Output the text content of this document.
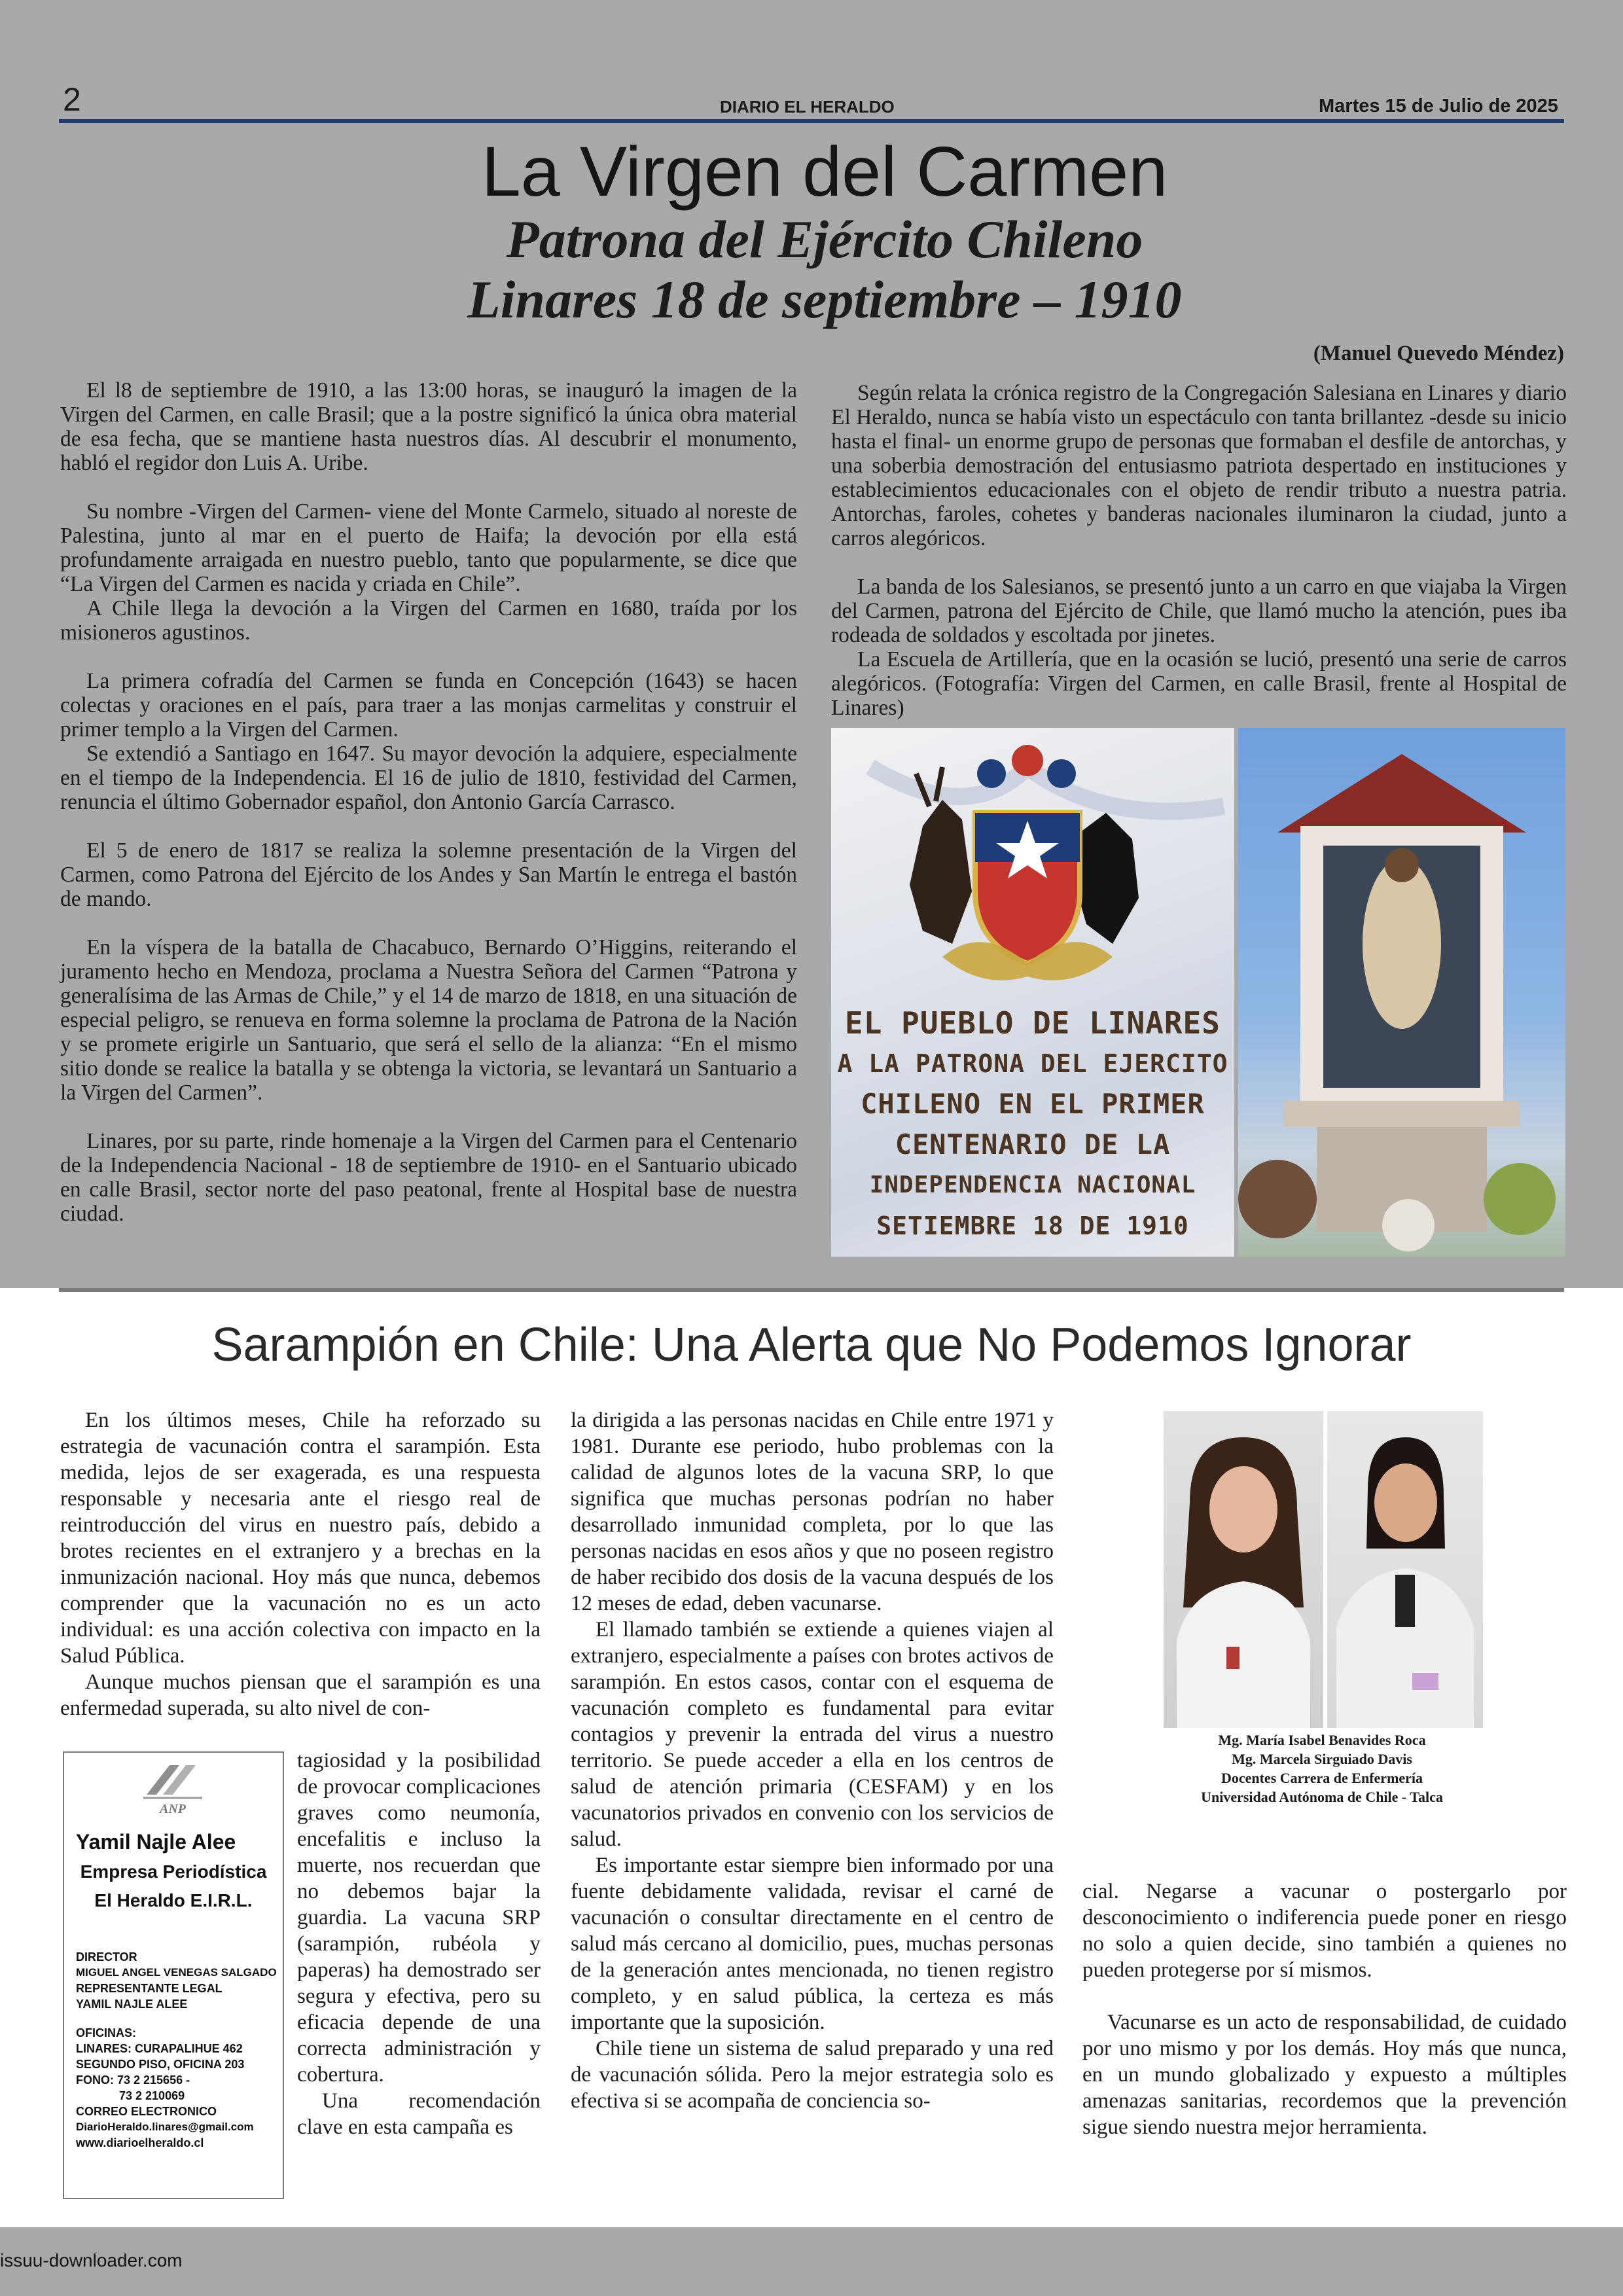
2	DIARIO EL HERALDO	Martes 15 de Julio de 2025
La Virgen del Carmen
Patrona del Ejército Chileno
Linares 18 de septiembre – 1910
(Manuel Quevedo Méndez)

El l8 de septiembre de 1910, a las 13:00 horas, se inauguró la imagen de la Virgen del Carmen, en calle Brasil; que a la postre significó la única obra material de esa fecha, que se mantiene hasta nuestros días. Al descubrir el monumento, habló el regidor don Luis A. Uribe.

Su nombre -Virgen del Carmen- viene del Monte Carmelo, situado al noreste de Palestina, junto al mar en el puerto de Haifa; la devoción por ella está profundamente arraigada en nuestro pueblo, tanto que popularmente, se dice que “La Virgen del Carmen es nacida y criada en Chile”.

A Chile llega la devoción a la Virgen del Carmen en 1680, traída por los misioneros agustinos.

La primera cofradía del Carmen se funda en Concepción (1643) se hacen colectas y oraciones en el país, para traer a las monjas carmelitas y construir el primer templo a la Virgen del Carmen.

Se extendió a Santiago en 1647. Su mayor devoción la adquiere, especialmente en el tiempo de la Independencia. El 16 de julio de 1810, festividad del Carmen, renuncia el último Gobernador español, don Antonio García Carrasco.

El 5 de enero de 1817 se realiza la solemne presentación de la Virgen del Carmen, como Patrona del Ejército de los Andes y San Martín le entrega el bastón de mando.

En la víspera de la batalla de Chacabuco, Bernardo O’Higgins, reiterando el juramento hecho en Mendoza, proclama a Nuestra Señora del Carmen “Patrona y generalísima de las Armas de Chile,” y el 14 de marzo de 1818, en una situación de especial peligro, se renueva en forma solemne la proclama de Patrona de la Nación y se promete erigirle un Santuario, que será el sello de la alianza: “En el mismo sitio donde se realice la batalla y se obtenga la victoria, se levantará un Santuario a la Virgen del Carmen”.

Linares, por su parte, rinde homenaje a la Virgen del Carmen para el Centenario de la Independencia Nacional - 18 de septiembre de 1910- en el Santuario ubicado en calle Brasil, sector norte del paso peatonal, frente al Hospital base de nuestra ciudad.

Según relata la crónica registro de la Congregación Salesiana en Linares y diario El Heraldo, nunca se había visto un espectáculo con tanta brillantez -desde su inicio hasta el final- un enorme grupo de personas que formaban el desfile de antorchas, y una soberbia demostración del entusiasmo patriota despertado en instituciones y establecimientos educacionales con el objeto de rendir tributo a nuestra patria. Antorchas, faroles, cohetes y banderas nacionales iluminaron la ciudad, junto a carros alegóricos.

La banda de los Salesianos, se presentó junto a un carro en que viajaba la Virgen del Carmen, patrona del Ejército de Chile, que llamó mucho la atención, pues iba rodeada de soldados y escoltada por jinetes.

La Escuela de Artillería, que en la ocasión se lució, presentó una serie de carros alegóricos. (Fotografía: Virgen del Carmen, en calle Brasil, frente al Hospital de Linares)

EL PUEBLO DE LINARES
A LA PATRONA DEL EJERCITO
CHILENO EN EL PRIMER
CENTENARIO DE LA
INDEPENDENCIA NACIONAL
SETIEMBRE 18 DE 1910
Sarampión en Chile: Una Alerta que No Podemos Ignorar

En los últimos meses, Chile ha reforzado su estrategia de vacunación contra el sarampión. Esta medida, lejos de ser exagerada, es una respuesta responsable y necesaria ante el riesgo real de reintroducción del virus en nuestro país, debido a brotes recientes en el extranjero y a brechas en la inmunización nacional. Hoy más que nunca, debemos comprender que la vacunación no es un acto individual: es una acción colectiva con impacto en la Salud Pública.

Aunque muchos piensan que el sarampión es una enfermedad superada, su alto nivel de con-

ANP
Yamil Najle Alee
Empresa Periodística
El Heraldo E.I.R.L.
DIRECTOR
MIGUEL ANGEL VENEGAS SALGADO
REPRESENTANTE LEGAL
YAMIL NAJLE ALEE
OFICINAS:
LINARES: CURAPALIHUE 462
SEGUNDO PISO, OFICINA 203
FONO: 73 2 215656 -
73 2 210069
CORREO ELECTRONICO
DiarioHeraldo.linares@gmail.com
www.diarioelheraldo.cl

tagiosidad y la posibilidad de provocar complicaciones graves como neumonía, encefalitis e incluso la muerte, nos recuerdan que no debemos bajar la guardia. La vacuna SRP (sarampión, rubéola y paperas) ha demostrado ser segura y efectiva, pero su eficacia depende de una correcta administración y cobertura.

Una recomendación clave en esta campaña es

la dirigida a las personas nacidas en Chile entre 1971 y 1981. Durante ese periodo, hubo problemas con la calidad de algunos lotes de la vacuna SRP, lo que significa que muchas personas podrían no haber desarrollado inmunidad completa, por lo que las personas nacidas en esos años y que no poseen registro de haber recibido dos dosis de la vacuna después de los 12 meses de edad, deben vacunarse.

El llamado también se extiende a quienes viajen al extranjero, especialmente a países con brotes activos de sarampión. En estos casos, contar con el esquema de vacunación completo es fundamental para evitar contagios y prevenir la entrada del virus a nuestro territorio. Se puede acceder a ella en los centros de salud de atención primaria (CESFAM) y en los vacunatorios privados en convenio con los servicios de salud.

Es importante estar siempre bien informado por una fuente debidamente validada, revisar el carné de vacunación o consultar directamente en el centro de salud más cercano al domicilio, pues, muchas personas de la generación antes mencionada, no tienen registro completo, y en salud pública, la certeza es más importante que la suposición.

Chile tiene un sistema de salud preparado y una red de vacunación sólida. Pero la mejor estrategia solo es efectiva si se acompaña de conciencia so-

Mg. María Isabel Benavides Roca
Mg. Marcela Sirguiado Davis
Docentes Carrera de Enfermería
Universidad Autónoma de Chile - Talca

cial. Negarse a vacunar o postergarlo por desconocimiento o indiferencia puede poner en riesgo no solo a quien decide, sino también a quienes no pueden protegerse por sí mismos.

Vacunarse es un acto de responsabilidad, de cuidado por uno mismo y por los demás. Hoy más que nunca, en un mundo globalizado y expuesto a múltiples amenazas sanitarias, recordemos que la prevención sigue siendo nuestra mejor herramienta.

issuu-downloader.com
